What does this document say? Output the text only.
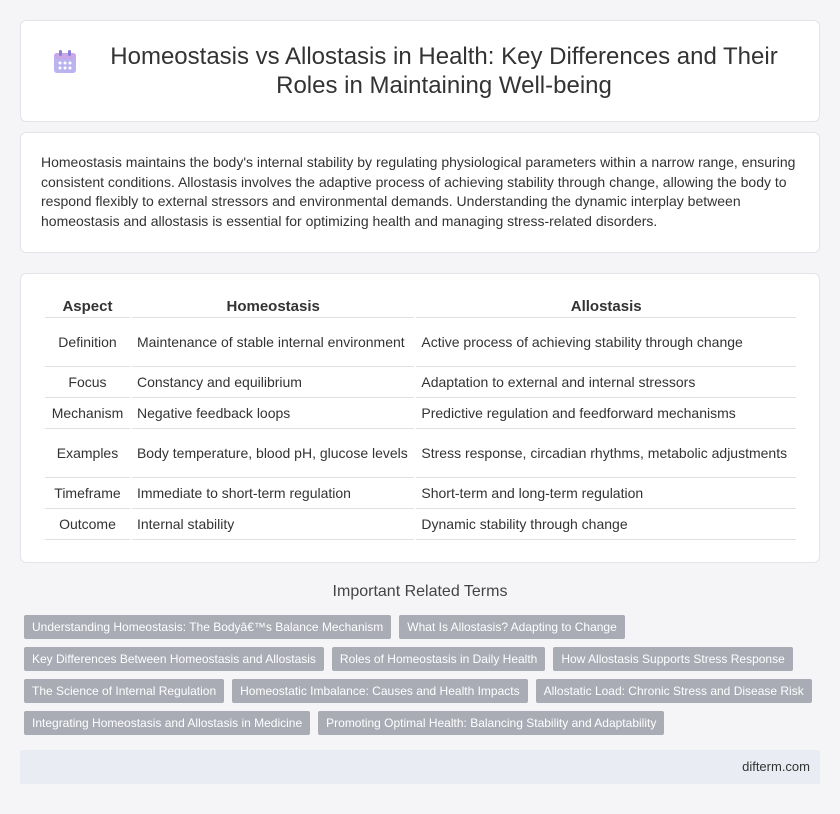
Homeostasis vs Allostasis in Health: Key Differences and Their Roles in Maintaining Well-being

Homeostasis maintains the body's internal stability by regulating physiological parameters within a narrow range, ensuring consistent conditions. Allostasis involves the adaptive process of achieving stability through change, allowing the body to respond flexibly to external stressors and environmental demands. Understanding the dynamic interplay between homeostasis and allostasis is essential for optimizing health and managing stress-related disorders.

Aspect	Homeostasis	Allostasis
Definition	Maintenance of stable internal environment	Active process of achieving stability through change
Focus	Constancy and equilibrium	Adaptation to external and internal stressors
Mechanism	Negative feedback loops	Predictive regulation and feedforward mechanisms
Examples	Body temperature, blood pH, glucose levels	Stress response, circadian rhythms, metabolic adjustments
Timeframe	Immediate to short-term regulation	Short-term and long-term regulation
Outcome	Internal stability	Dynamic stability through change
Important Related Terms
Understanding Homeostasis: The Bodyâ€™s Balance Mechanism	What Is Allostasis? Adapting to Change
Key Differences Between Homeostasis and Allostasis	Roles of Homeostasis in Daily Health	How Allostasis Supports Stress Response
The Science of Internal Regulation	Homeostatic Imbalance: Causes and Health Impacts	Allostatic Load: Chronic Stress and Disease Risk
Integrating Homeostasis and Allostasis in Medicine	Promoting Optimal Health: Balancing Stability and Adaptability
difterm.com
